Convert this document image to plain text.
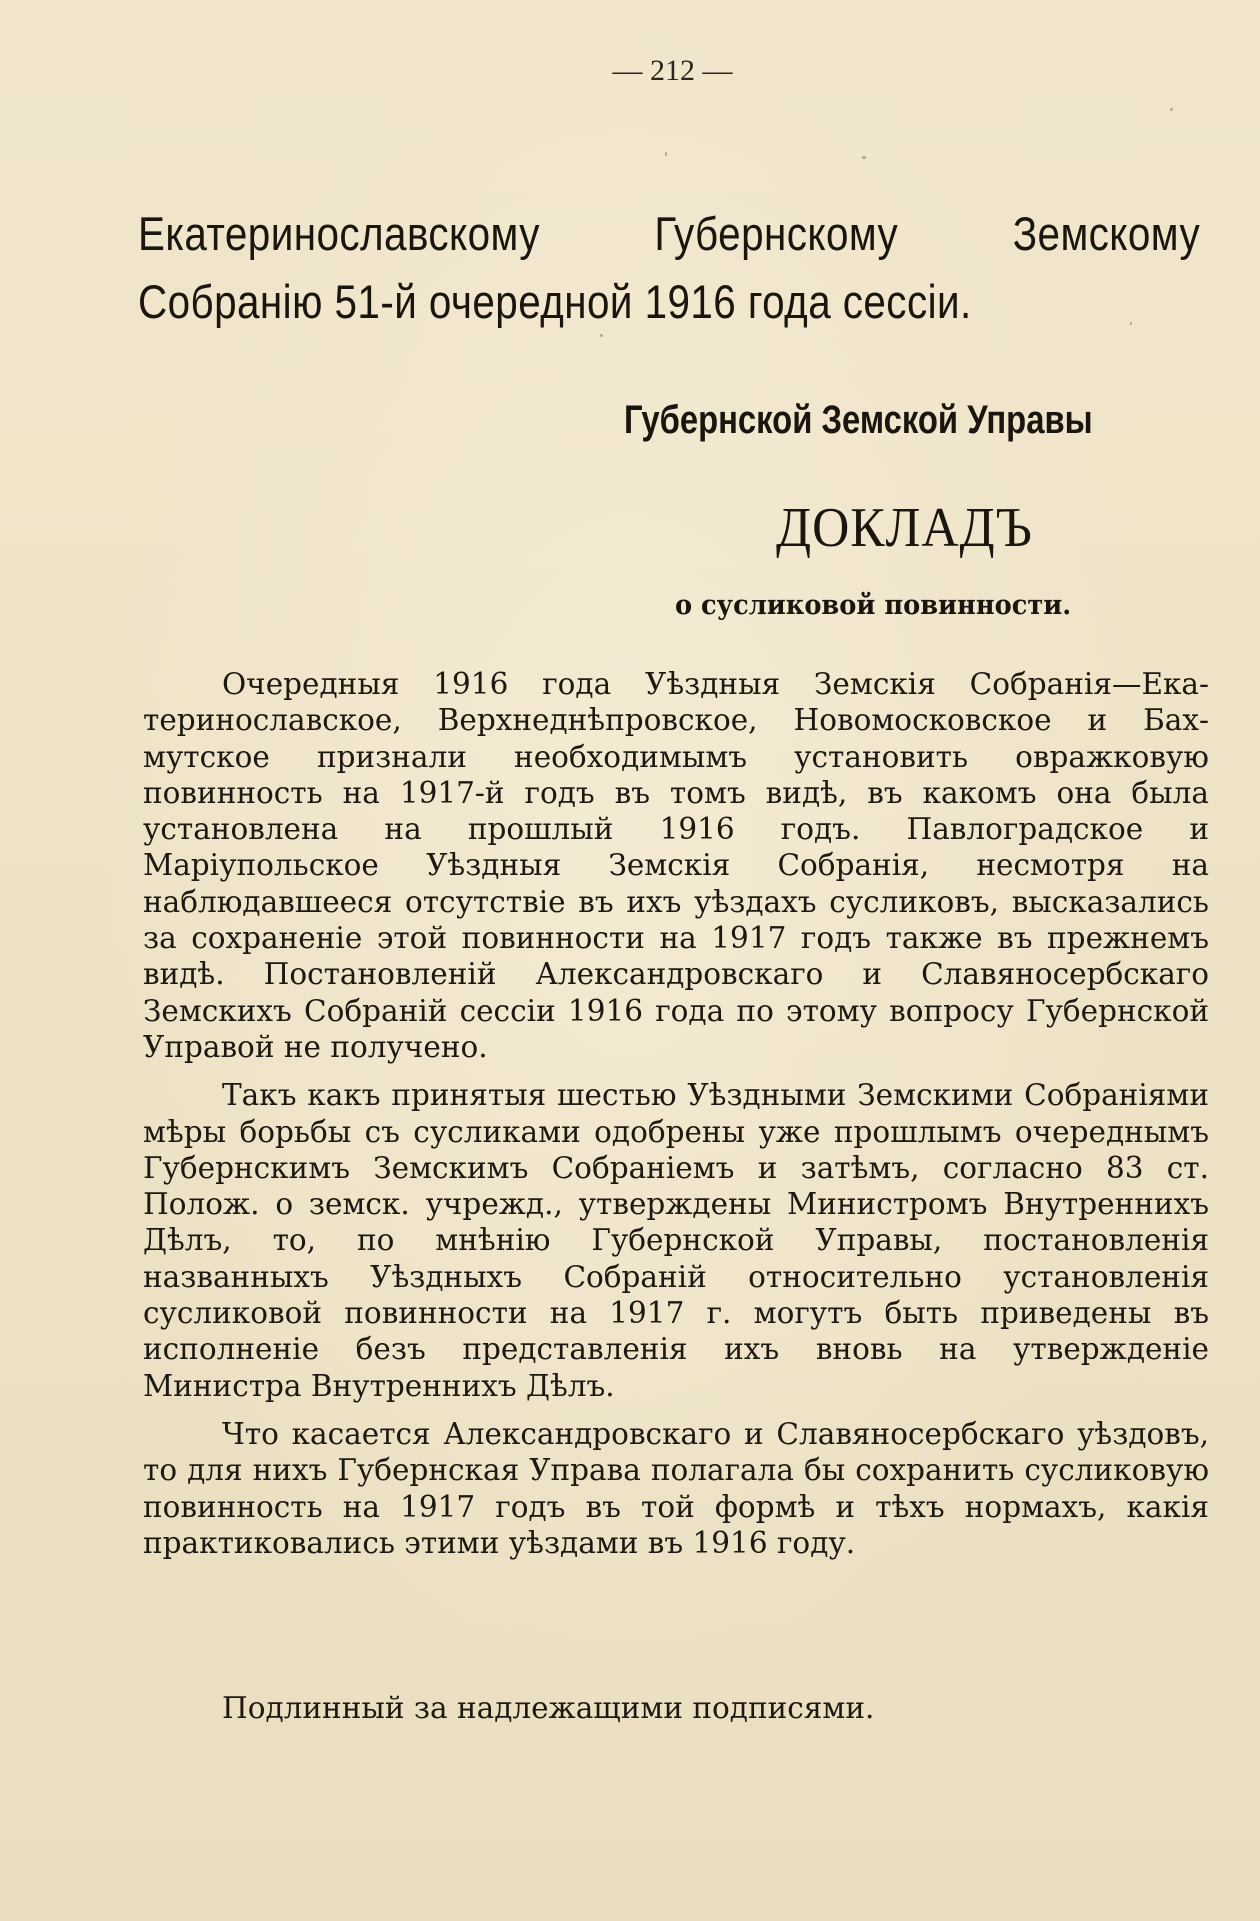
— 212 —
Екатеринославскому Губернскому Земскому
Собранію 51-й очередной 1916 года сессіи.
Губернской Земской Управы
ДОКЛАДЪ
о сусликовой повинности.

Очередныя 1916 года Уѣздныя Земскія Собранія—Екатеринославское, Верхнеднѣпровское, Новомосковское и Бахмутское признали необходимымъ установить овражковую повинность на 1917-й годъ въ томъ видѣ, въ какомъ она была установлена на прошлый 1916 годъ. Павлоградское и Маріупольское Уѣздныя Земскія Собранія, несмотря на наблюдавшееся отсутствіе въ ихъ уѣздахъ сусликовъ, высказались за сохраненіе этой повинности на 1917 годъ также въ прежнемъ видѣ. Постановленій Александровскаго и Славяносербскаго Земскихъ Собраній сессіи 1916 года по этому вопросу Губернской Управой не получено.

Такъ какъ принятыя шестью Уѣздными Земскими Собраніями мѣры борьбы съ сусликами одобрены уже прошлымъ очереднымъ Губернскимъ Земскимъ Собраніемъ и затѣмъ, согласно 83 ст. Полож. о земск. учрежд., утверждены Министромъ Внутреннихъ Дѣлъ, то, по мнѣнію Губернской Управы, постановленія названныхъ Уѣздныхъ Собраній относительно установленія сусликовой повинности на 1917 г. могутъ быть приведены въ исполненіе безъ представленія ихъ вновь на утвержденіе Министра Внутреннихъ Дѣлъ.

Что касается Александровскаго и Славяносербскаго уѣздовъ, то для нихъ Губернская Управа полагала бы сохранить сусликовую повинность на 1917 годъ въ той формѣ и тѣхъ нормахъ, какія практиковались этими уѣздами въ 1916 году.

Подлинный за надлежащими подписями.
